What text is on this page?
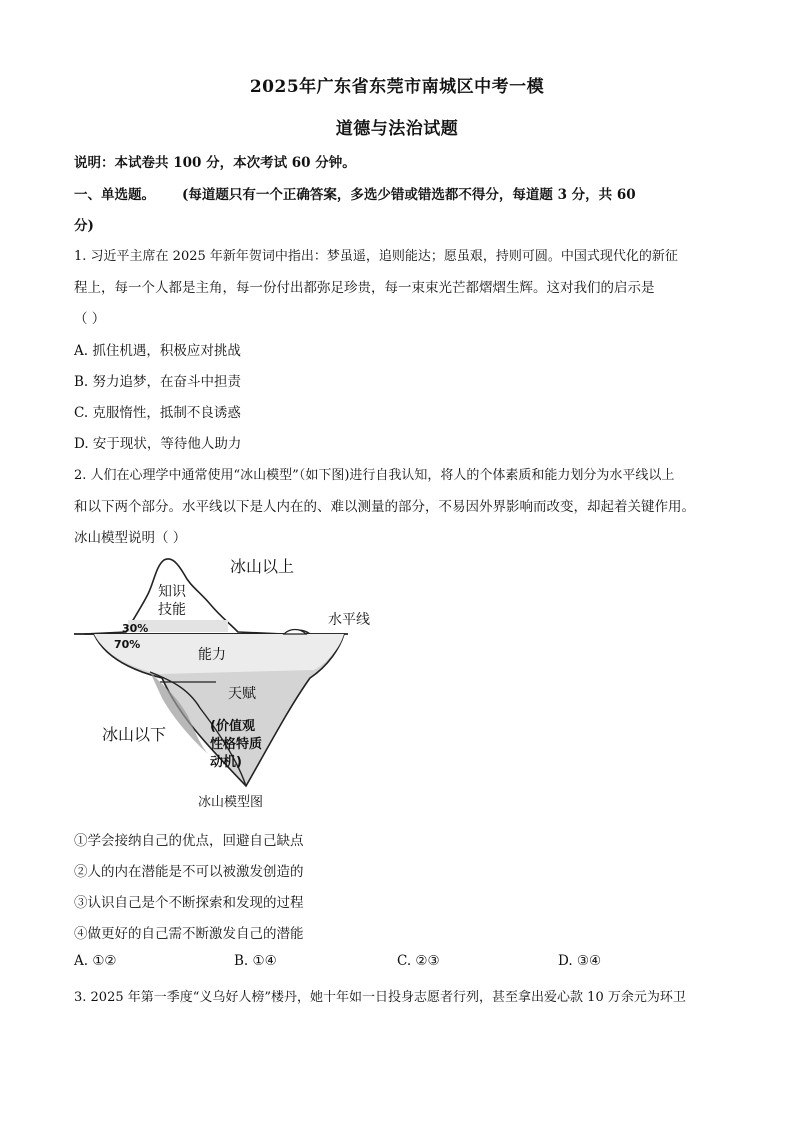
2025年广东省东莞市南城区中考一模
道德与法治试题
说明：本试卷共 100 分，本次考试 60 分钟。
一、单选题。 (每道题只有一个正确答案，多选少错或错选都不得分，每道题 3 分，共 60
分)
1. 习近平主席在 2025 年新年贺词中指出：梦虽遥，追则能达；愿虽艰，持则可圆。中国式现代化的新征
程上，每一个人都是主角，每一份付出都弥足珍贵，每一束束光芒都熠熠生辉。这对我们的启示是
（ ）
A. 抓住机遇，积极应对挑战
B. 努力追梦，在奋斗中担责
C. 克服惰性，抵制不良诱惑
D. 安于现状，等待他人助力
2. 人们在心理学中通常使用“冰山模型”（如下图)进行自我认知，将人的个体素质和能力划分为水平线以上
和以下两个部分。水平线以下是人内在的、难以测量的部分，不易因外界影响而改变，却起着关键作用。
冰山模型说明（ ）
冰山以上
水平线
知识
技能
30%
70%
能力
天赋
冰山以下	(价值观
性格特质
动机)
冰山模型图
①学会接纳自己的优点，回避自己缺点
②人的内在潜能是不可以被激发创造的
③认识自己是个不断探索和发现的过程
④做更好的自己需不断激发自己的潜能
A. ①②	B. ①④	C. ②③	D. ③④
3. 2025 年第一季度“义乌好人榜”楼丹，她十年如一日投身志愿者行列，甚至拿出爱心款 10 万余元为环卫
